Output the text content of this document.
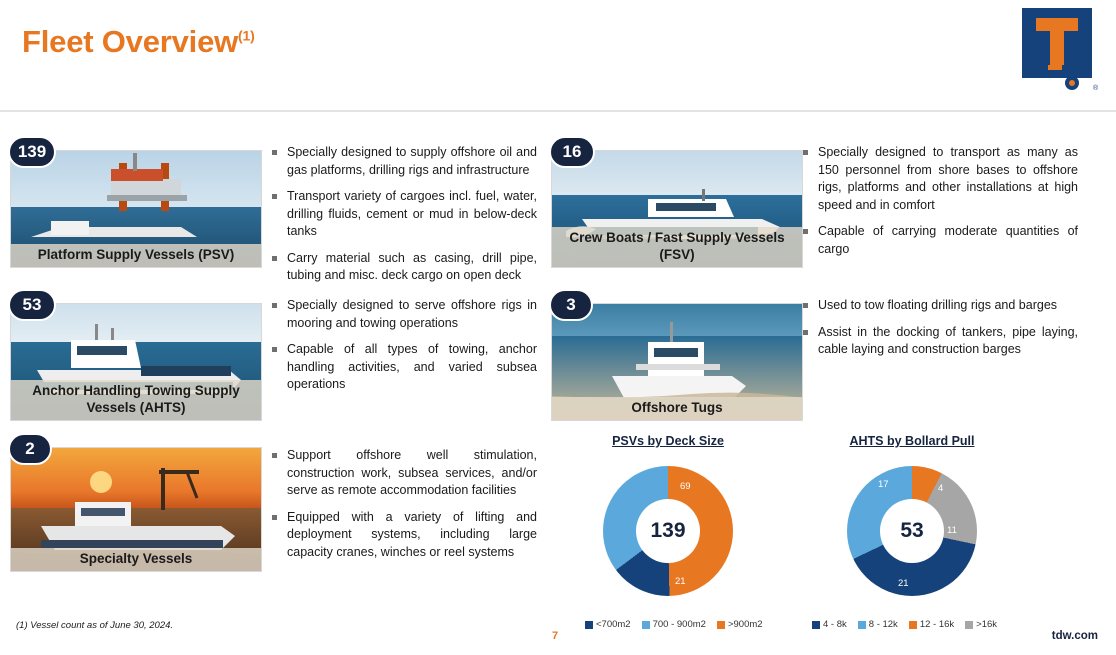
Fleet Overview$^{(1)}$
®
Platform Supply Vessels (PSV)
139	Specially designed to supply offshore oil and gas platforms, drilling rigs and infrastructure
Transport variety of cargoes incl. fuel, water, drilling fluids, cement or mud in below-deck tanks
Carry material such as casing, drill pipe, tubing and misc. deck cargo on open deck
Crew Boats / Fast Supply Vessels (FSV)
16	Specially designed to transport as many as 150 personnel from shore bases to offshore rigs, platforms and other installations at high speed and in comfort
Capable of carrying moderate quantities of cargo
Anchor Handling Towing Supply Vessels (AHTS)
53	Specially designed to serve offshore rigs in mooring and towing operations
Capable of all types of towing, anchor handling activities, and varied subsea operations
Offshore Tugs
3	Used to tow floating drilling rigs and barges
Assist in the docking of tankers, pipe laying, cable laying and construction barges
Specialty Vessels
2	Support offshore well stimulation, construction work, subsea services, and/or serve as remote accommodation facilities
Equipped with a variety of lifting and deployment systems, including large capacity cranes, winches or reel systems
PSVs by Deck Size
139
69
21
49
<700m2 700 - 900m2 >900m2
AHTS by Bollard Pull
53
4
11
21
17
4 - 8k 8 - 12k 12 - 16k >16k
(1) Vessel count as of June 30, 2024.
7	tdw.com
